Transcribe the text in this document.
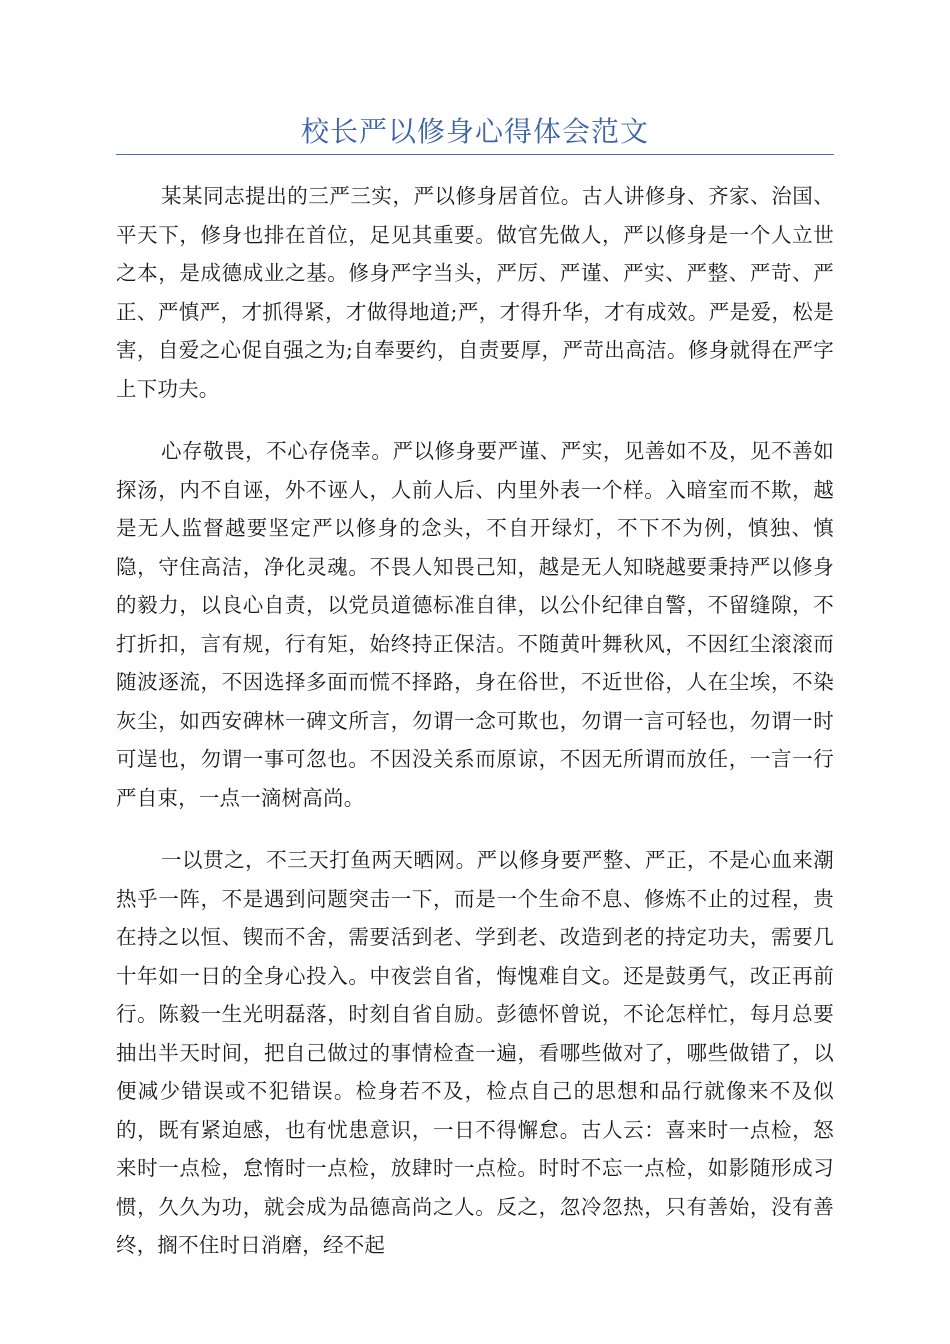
校长严以修身心得体会范文

某某同志提出的三严三实，严以修身居首位。古人讲修身、齐家、治国、平天下，修身也排在首位，足见其重要。做官先做人，严以修身是一个人立世之本，是成德成业之基。修身严字当头，严厉、严谨、严实、严整、严苛、严正、严慎严，才抓得紧，才做得地道;严，才得升华，才有成效。严是爱，松是害，自爱之心促自强之为;自奉要约，自责要厚，严苛出高洁。修身就得在严字上下功夫。

心存敬畏，不心存侥幸。严以修身要严谨、严实，见善如不及，见不善如探汤，内不自诬，外不诬人，人前人后、内里外表一个样。入暗室而不欺，越是无人监督越要坚定严以修身的念头，不自开绿灯，不下不为例，慎独、慎隐，守住高洁，净化灵魂。不畏人知畏己知，越是无人知晓越要秉持严以修身的毅力，以良心自责，以党员道德标准自律，以公仆纪律自警，不留缝隙，不打折扣，言有规，行有矩，始终持正保洁。不随黄叶舞秋风，不因红尘滚滚而随波逐流，不因选择多面而慌不择路，身在俗世，不近世俗，人在尘埃，不染灰尘，如西安碑林一碑文所言，勿谓一念可欺也，勿谓一言可轻也，勿谓一时可逞也，勿谓一事可忽也。不因没关系而原谅，不因无所谓而放任，一言一行严自束，一点一滴树高尚。

一以贯之，不三天打鱼两天晒网。严以修身要严整、严正，不是心血来潮热乎一阵，不是遇到问题突击一下，而是一个生命不息、修炼不止的过程，贵在持之以恒、锲而不舍，需要活到老、学到老、改造到老的持定功夫，需要几十年如一日的全身心投入。中夜尝自省，悔愧难自文。还是鼓勇气，改正再前行。陈毅一生光明磊落，时刻自省自励。彭德怀曾说，不论怎样忙，每月总要抽出半天时间，把自己做过的事情检查一遍，看哪些做对了，哪些做错了，以便减少错误或不犯错误。检身若不及，检点自己的思想和品行就像来不及似的，既有紧迫感，也有忧患意识，一日不得懈怠。古人云：喜来时一点检，怒来时一点检，怠惰时一点检，放肆时一点检。时时不忘一点检，如影随形成习惯，久久为功，就会成为品德高尚之人。反之，忽冷忽热，只有善始，没有善终，搁不住时日消磨，经不起
